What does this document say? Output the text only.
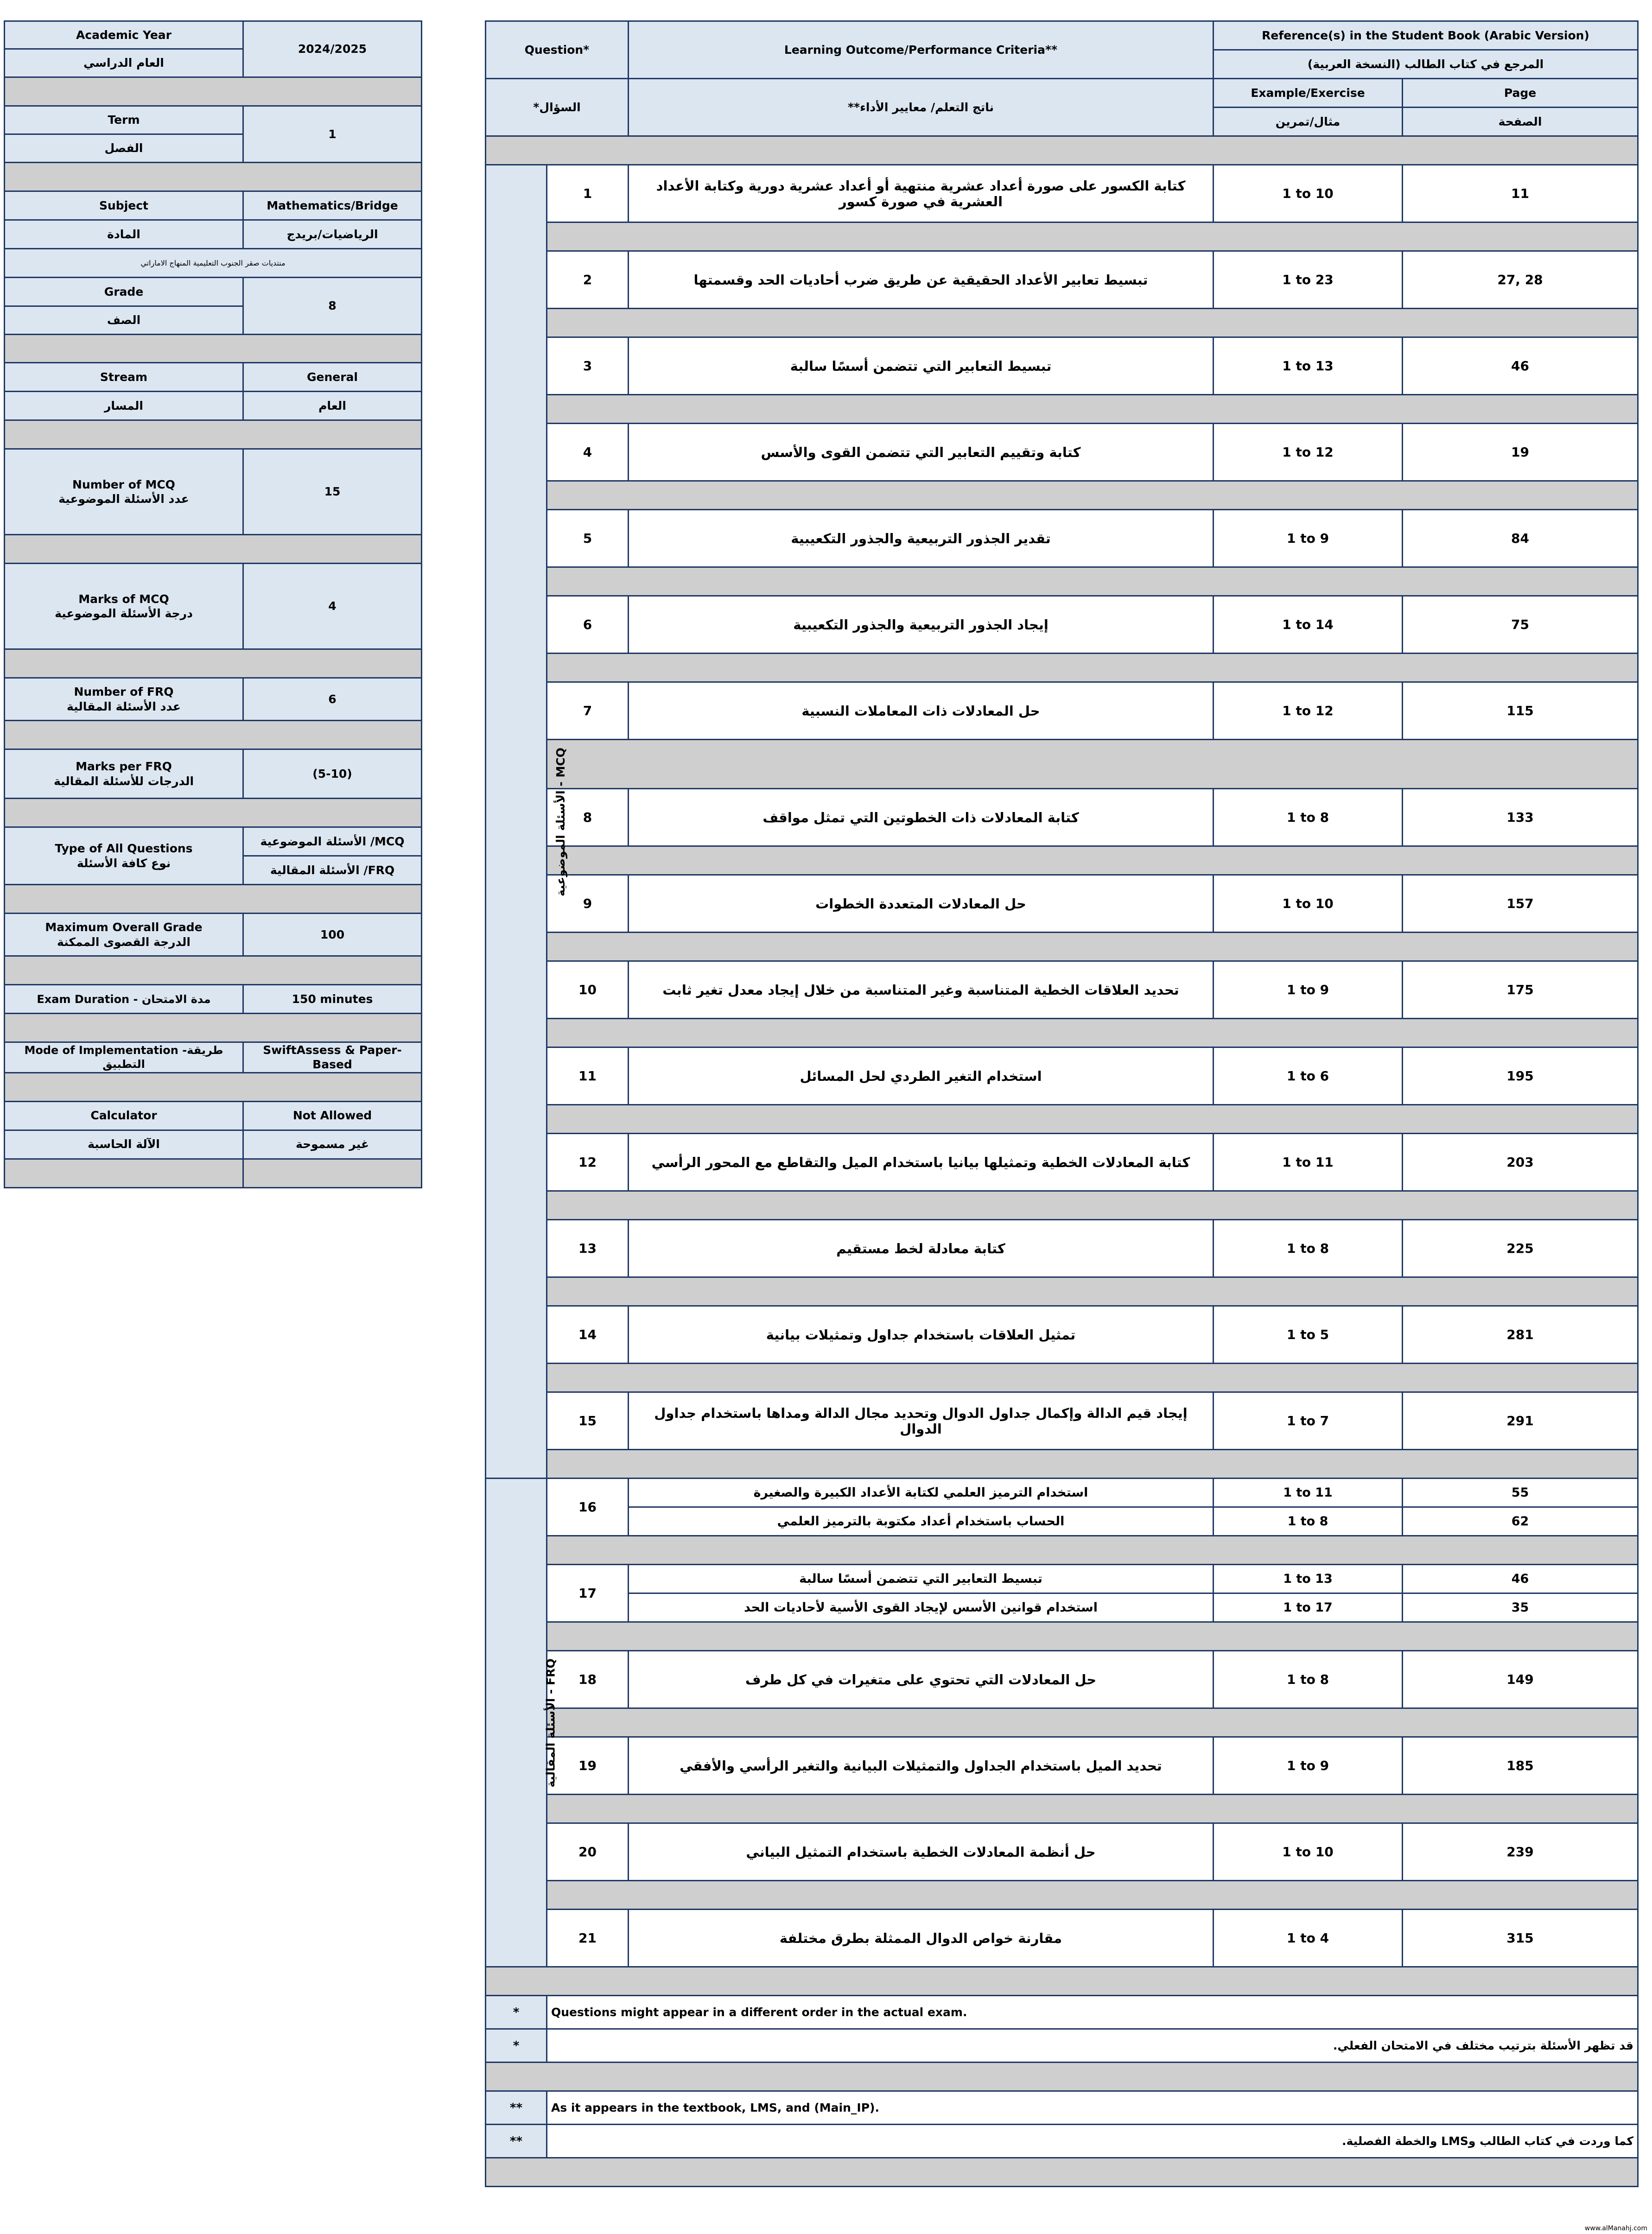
Academic Year	2024/2025
العام الدراسي	

Term	1
الفصل	

Subject	Mathematics/Bridge
المادة	الرياضيات/بريدج
منتديات صقر الجنوب التعليمية المنهاج الاماراتي	
Grade	8
الصف	

Stream	General
المسار	العام

Number of MCQ
عدد الأسئلة الموضوعية	15

Marks of MCQ
درجة الأسئلة الموضوعية	4

Number of FRQ
عدد الأسئلة المقالية	6

Marks per FRQ
الدرجات للأسئلة المقالية	(5-10)

Type of All Questions
نوع كافة الأسئلة	MCQ/ الأسئلة الموضوعية
	FRQ/ الأسئلة المقالية

Maximum Overall Grade
الدرجة القصوى الممكنة	100

Exam Duration - مدة الامتحان	150 minutes

Mode of Implementation -طريقة التطبيق	SwiftAssess & Paper-Based

Calculator	Not Allowed
الآلة الحاسبة	غير مسموحة

Question*		Learning Outcome/Performance Criteria**	Reference(s) in the Student Book (Arabic Version)	
			المرجع في كتاب الطالب (النسخة العربية)	
السؤال*		ناتج التعلم/ معايير الأداء**	Example/Exercise	Page
			مثال/تمرين	الصفحة

MCQ - الأسئلة الموضوعية	1	كتابة الكسور على صورة أعداد عشرية منتهية أو أعداد عشرية دورية وكتابة الأعداد العشرية في صورة كسور	1 to 10	11

	2	تبسيط تعابير الأعداد الحقيقية عن طريق ضرب أحاديات الحد وقسمتها	1 to 23	27, 28

	3	تبسيط التعابير التي تتضمن أسسًا سالبة	1 to 13	46

	4	كتابة وتقييم التعابير التي تتضمن القوى والأسس	1 to 12	19

	5	تقدير الجذور التربيعية والجذور التكعيبية	1 to 9	84

	6	إيجاد الجذور التربيعية والجذور التكعيبية	1 to 14	75

	7	حل المعادلات ذات المعاملات النسبية	1 to 12	115

	8	كتابة المعادلات ذات الخطوتين التي تمثل مواقف	1 to 8	133

	9	حل المعادلات المتعددة الخطوات	1 to 10	157

	10	تحديد العلاقات الخطية المتناسبة وغير المتناسبة من خلال إيجاد معدل تغير ثابت	1 to 9	175

	11	استخدام التغير الطردي لحل المسائل	1 to 6	195

	12	كتابة المعادلات الخطية وتمثيلها بيانيا باستخدام الميل والتقاطع مع المحور الرأسي	1 to 11	203

	13	كتابة معادلة لخط مستقيم	1 to 8	225

	14	تمثيل العلاقات باستخدام جداول وتمثيلات بيانية	1 to 5	281

	15	إيجاد قيم الدالة وإكمال جداول الدوال وتحديد مجال الدالة ومداها باستخدام جداول الدوال	1 to 7	291

FRQ - الأسئلة المقالية	16	استخدام الترميز العلمي لكتابة الأعداد الكبيرة والصغيرة	1 to 11	55
		الحساب باستخدام أعداد مكتوبة بالترميز العلمي	1 to 8	62

	17	تبسيط التعابير التي تتضمن أسسًا سالبة	1 to 13	46
		استخدام قوانين الأسس لإيجاد القوى الأسية لأحاديات الحد	1 to 17	35

	18	حل المعادلات التي تحتوي على متغيرات في كل طرف	1 to 8	149

	19	تحديد الميل باستخدام الجداول والتمثيلات البيانية والتغير الرأسي والأفقي	1 to 9	185

	20	حل أنظمة المعادلات الخطية باستخدام التمثيل البياني	1 to 10	239

	21	مقارنة خواص الدوال الممثلة بطرق مختلفة	1 to 4	315

*	Questions might appear in a different order in the actual exam.			
*	قد تظهر الأسئلة بترتيب مختلف في الامتحان الفعلي.			

**	As it appears in the textbook, LMS, and (Main_IP).			
**	كما وردت في كتاب الطالب وLMS والخطة الفصلية.			

www.alManahj.com
